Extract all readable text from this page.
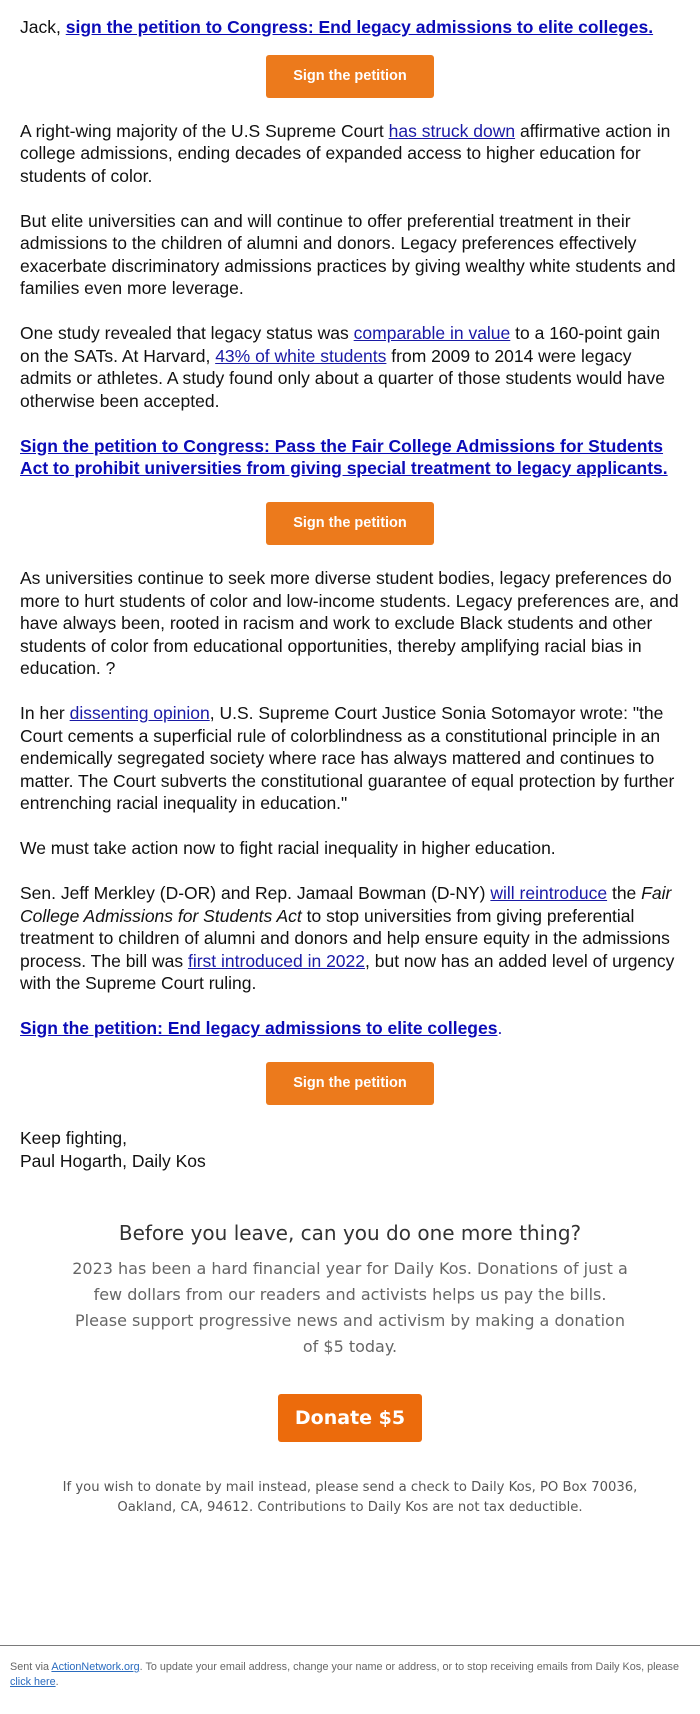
Jack, sign the petition to Congress: End legacy admissions to elite colleges.

Sign the petition

A right-wing majority of the U.S Supreme Court has struck down affirmative action in college admissions, ending decades of expanded access to higher education for students of color.

But elite universities can and will continue to offer preferential treatment in their admissions to the children of alumni and donors. Legacy preferences effectively exacerbate discriminatory admissions practices by giving wealthy white students and families even more leverage.

One study revealed that legacy status was comparable in value to a 160-point gain on the SATs. At Harvard, 43% of white students from 2009 to 2014 were legacy admits or athletes. A study found only about a quarter of those students would have otherwise been accepted.

Sign the petition to Congress: Pass the Fair College Admissions for Students Act to prohibit universities from giving special treatment to legacy applicants.

Sign the petition

As universities continue to seek more diverse student bodies, legacy preferences do more to hurt students of color and low-income students. Legacy preferences are, and have always been, rooted in racism and work to exclude Black students and other students of color from educational opportunities, thereby amplifying racial bias in education. ?

In her dissenting opinion, U.S. Supreme Court Justice Sonia Sotomayor wrote: "the Court cements a superficial rule of colorblindness as a constitutional principle in an endemically segregated society where race has always mattered and continues to matter. The Court subverts the constitutional guarantee of equal protection by further entrenching racial inequality in education."

We must take action now to fight racial inequality in higher education.

Sen. Jeff Merkley (D-OR) and Rep. Jamaal Bowman (D-NY) will reintroduce the Fair College Admissions for Students Act to stop universities from giving preferential treatment to children of alumni and donors and help ensure equity in the admissions process. The bill was first introduced in 2022, but now has an added level of urgency with the Supreme Court ruling.

Sign the petition: End legacy admissions to elite colleges.

Sign the petition

Keep fighting,
Paul Hogarth, Daily Kos

Before you leave, can you do one more thing?

2023 has been a hard financial year for Daily Kos. Donations of just a few dollars from our readers and activists helps us pay the bills. Please support progressive news and activism by making a donation of $5 today.

Donate $5
If you wish to donate by mail instead, please send a check to Daily Kos, PO Box 70036, Oakland, CA, 94612. Contributions to Daily Kos are not tax deductible.
Sent via ActionNetwork.org. To update your email address, change your name or address, or to stop receiving emails from Daily Kos, please click here.
